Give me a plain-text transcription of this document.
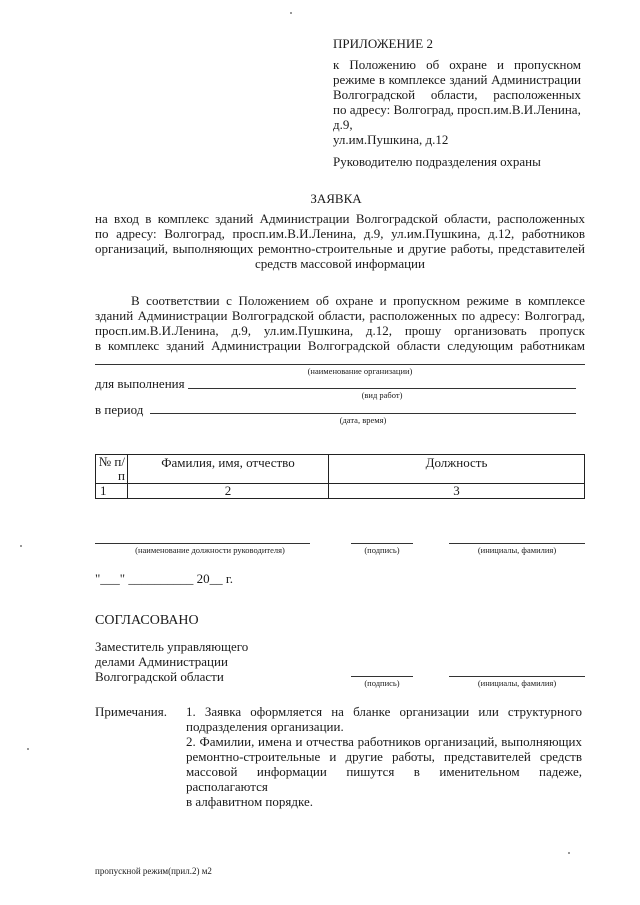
ПРИЛОЖЕНИЕ 2
к Положению об охране и пропускном
режиме в комплексе зданий Администрации
Волгоградской области, расположенных
по адресу: Волгоград, просп.им.В.И.Ленина, д.9,
ул.им.Пушкина, д.12
Руководителю подразделения охраны
ЗАЯВКА
на вход в комплекс зданий Администрации Волгоградской области, расположенных
по адресу: Волгоград, просп.им.В.И.Ленина, д.9, ул.им.Пушкина, д.12, работников
организаций, выполняющих ремонтно-строительные и другие работы, представителей
средств массовой информации
В соответствии с Положением об охране и пропускном режиме в комплексе
зданий Администрации Волгоградской области, расположенных по адресу: Волгоград,
просп.им.В.И.Ленина, д.9, ул.им.Пушкина, д.12, прошу организовать пропуск
в комплекс зданий Администрации Волгоградской области следующим работникам
(наименование организации)
для выполнения
(вид работ)
в период
(дата, время)
№ п/п	Фамилия, имя, отчество	Должность
1	2	3
(наименование должности руководителя)	(подпись)	(инициалы, фамилия)
"___" __________ 20__ г.
СОГЛАСОВАНО
Заместитель управляющего
делами Администрации
Волгоградской области	(подпись)	(инициалы, фамилия)
Примечания. 1. Заявка оформляется на бланке организации или структурного
подразделения организации.
2. Фамилии, имена и отчества работников организаций, выполняющих
ремонтно-строительные и другие работы, представителей средств
массовой информации пишутся в именительном падеже, располагаются
в алфавитном порядке.
пропускной режим(прил.2) м2
